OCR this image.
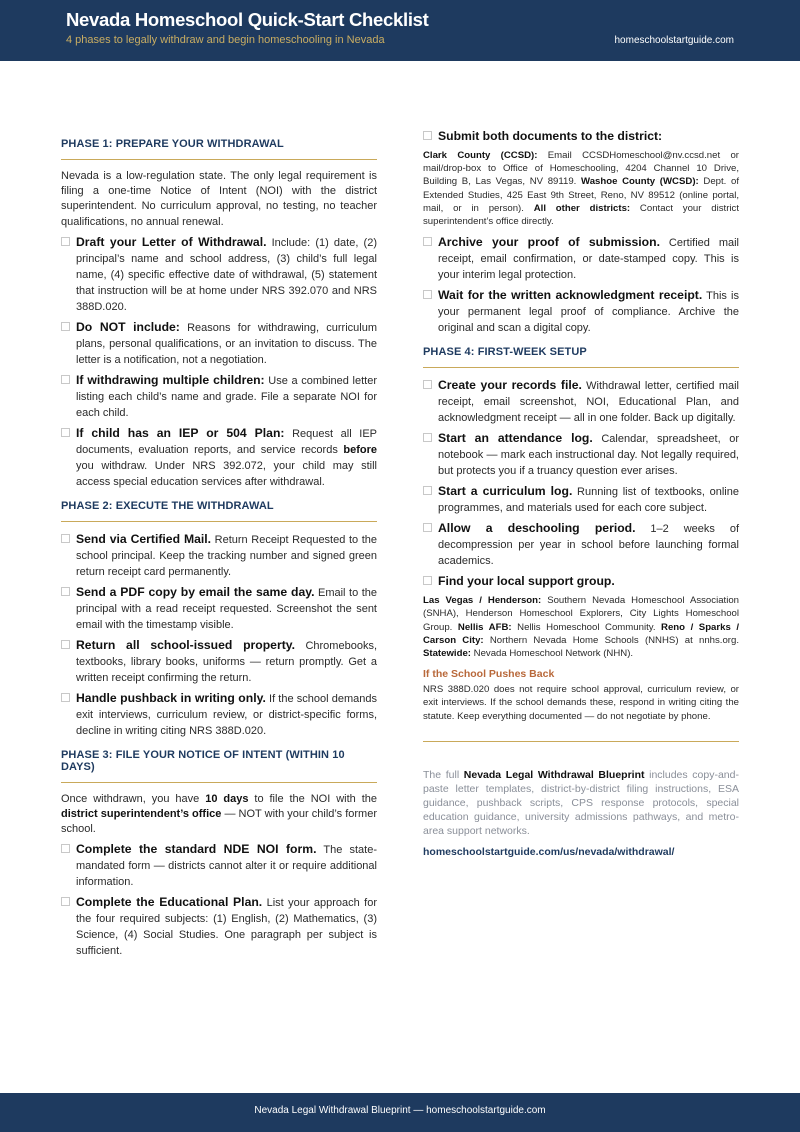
Nevada Homeschool Quick-Start Checklist
4 phases to legally withdraw and begin homeschooling in Nevada	homeschoolstartguide.com
PHASE 1: PREPARE YOUR WITHDRAWAL
Nevada is a low-regulation state. The only legal requirement is filing a one-time Notice of Intent (NOI) with the district superintendent. No curriculum approval, no testing, no teacher qualifications, no annual renewal.
Draft your Letter of Withdrawal. Include: (1) date, (2) principal’s name and school address, (3) child’s full legal name, (4) specific effective date of withdrawal, (5) statement that instruction will be at home under NRS 392.070 and NRS 388D.020.
Do NOT include: Reasons for withdrawing, curriculum plans, personal qualifications, or an invitation to discuss. The letter is a notification, not a negotiation.
If withdrawing multiple children: Use a combined letter listing each child’s name and grade. File a separate NOI for each child.
If child has an IEP or 504 Plan: Request all IEP documents, evaluation reports, and service records before you withdraw. Under NRS 392.072, your child may still access special education services after withdrawal.
PHASE 2: EXECUTE THE WITHDRAWAL
Send via Certified Mail. Return Receipt Requested to the school principal. Keep the tracking number and signed green return receipt card permanently.
Send a PDF copy by email the same day. Email to the principal with a read receipt requested. Screenshot the sent email with the timestamp visible.
Return all school-issued property. Chromebooks, textbooks, library books, uniforms — return promptly. Get a written receipt confirming the return.
Handle pushback in writing only. If the school demands exit interviews, curriculum review, or district-specific forms, decline in writing citing NRS 388D.020.
PHASE 3: FILE YOUR NOTICE OF INTENT (WITHIN 10 DAYS)
Once withdrawn, you have 10 days to file the NOI with the district superintendent’s office — NOT with your child’s former school.
Complete the standard NDE NOI form. The state-mandated form — districts cannot alter it or require additional information.
Complete the Educational Plan. List your approach for the four required subjects: (1) English, (2) Mathematics, (3) Science, (4) Social Studies. One paragraph per subject is sufficient.
Submit both documents to the district:
Clark County (CCSD): Email CCSDHomeschool@nv.ccsd.net or mail/drop-box to Office of Homeschooling, 4204 Channel 10 Drive, Building B, Las Vegas, NV 89119. Washoe County (WCSD): Dept. of Extended Studies, 425 East 9th Street, Reno, NV 89512 (online portal, mail, or in person). All other districts: Contact your district superintendent’s office directly.
Archive your proof of submission. Certified mail receipt, email confirmation, or date-stamped copy. This is your interim legal protection.
Wait for the written acknowledgment receipt. This is your permanent legal proof of compliance. Archive the original and scan a digital copy.
PHASE 4: FIRST-WEEK SETUP
Create your records file. Withdrawal letter, certified mail receipt, email screenshot, NOI, Educational Plan, and acknowledgment receipt — all in one folder. Back up digitally.
Start an attendance log. Calendar, spreadsheet, or notebook — mark each instructional day. Not legally required, but protects you if a truancy question ever arises.
Start a curriculum log. Running list of textbooks, online programmes, and materials used for each core subject.
Allow a deschooling period. 1–2 weeks of decompression per year in school before launching formal academics.
Find your local support group.
Las Vegas / Henderson: Southern Nevada Homeschool Association (SNHA), Henderson Homeschool Explorers, City Lights Homeschool Group. Nellis AFB: Nellis Homeschool Community. Reno / Sparks / Carson City: Northern Nevada Home Schools (NNHS) at nnhs.org. Statewide: Nevada Homeschool Network (NHN).
If the School Pushes Back
NRS 388D.020 does not require school approval, curriculum review, or exit interviews. If the school demands these, respond in writing citing the statute. Keep everything documented — do not negotiate by phone.
The full Nevada Legal Withdrawal Blueprint includes copy-and-paste letter templates, district-by-district filing instructions, ESA guidance, pushback scripts, CPS response protocols, special education guidance, university admissions pathways, and metro-area support networks.
homeschoolstartguide.com/us/nevada/withdrawal/
Nevada Legal Withdrawal Blueprint — homeschoolstartguide.com
